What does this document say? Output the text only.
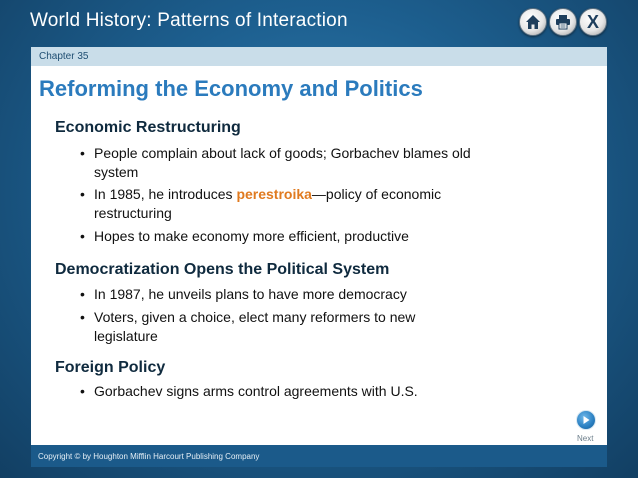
World History: Patterns of Interaction	X
Chapter 35
Reforming the Economy and Politics
Economic Restructuring
• People complain about lack of goods; Gorbachev blames old system
• In 1985, he introduces perestroika—policy of economic restructuring
• Hopes to make economy more efficient, productive
Democratization Opens the Political System
• In 1987, he unveils plans to have more democracy
• Voters, given a choice, elect many reformers to new legislature
Foreign Policy
• Gorbachev signs arms control agreements with U.S.
Next
Copyright © by Houghton Mifflin Harcourt Publishing Company
